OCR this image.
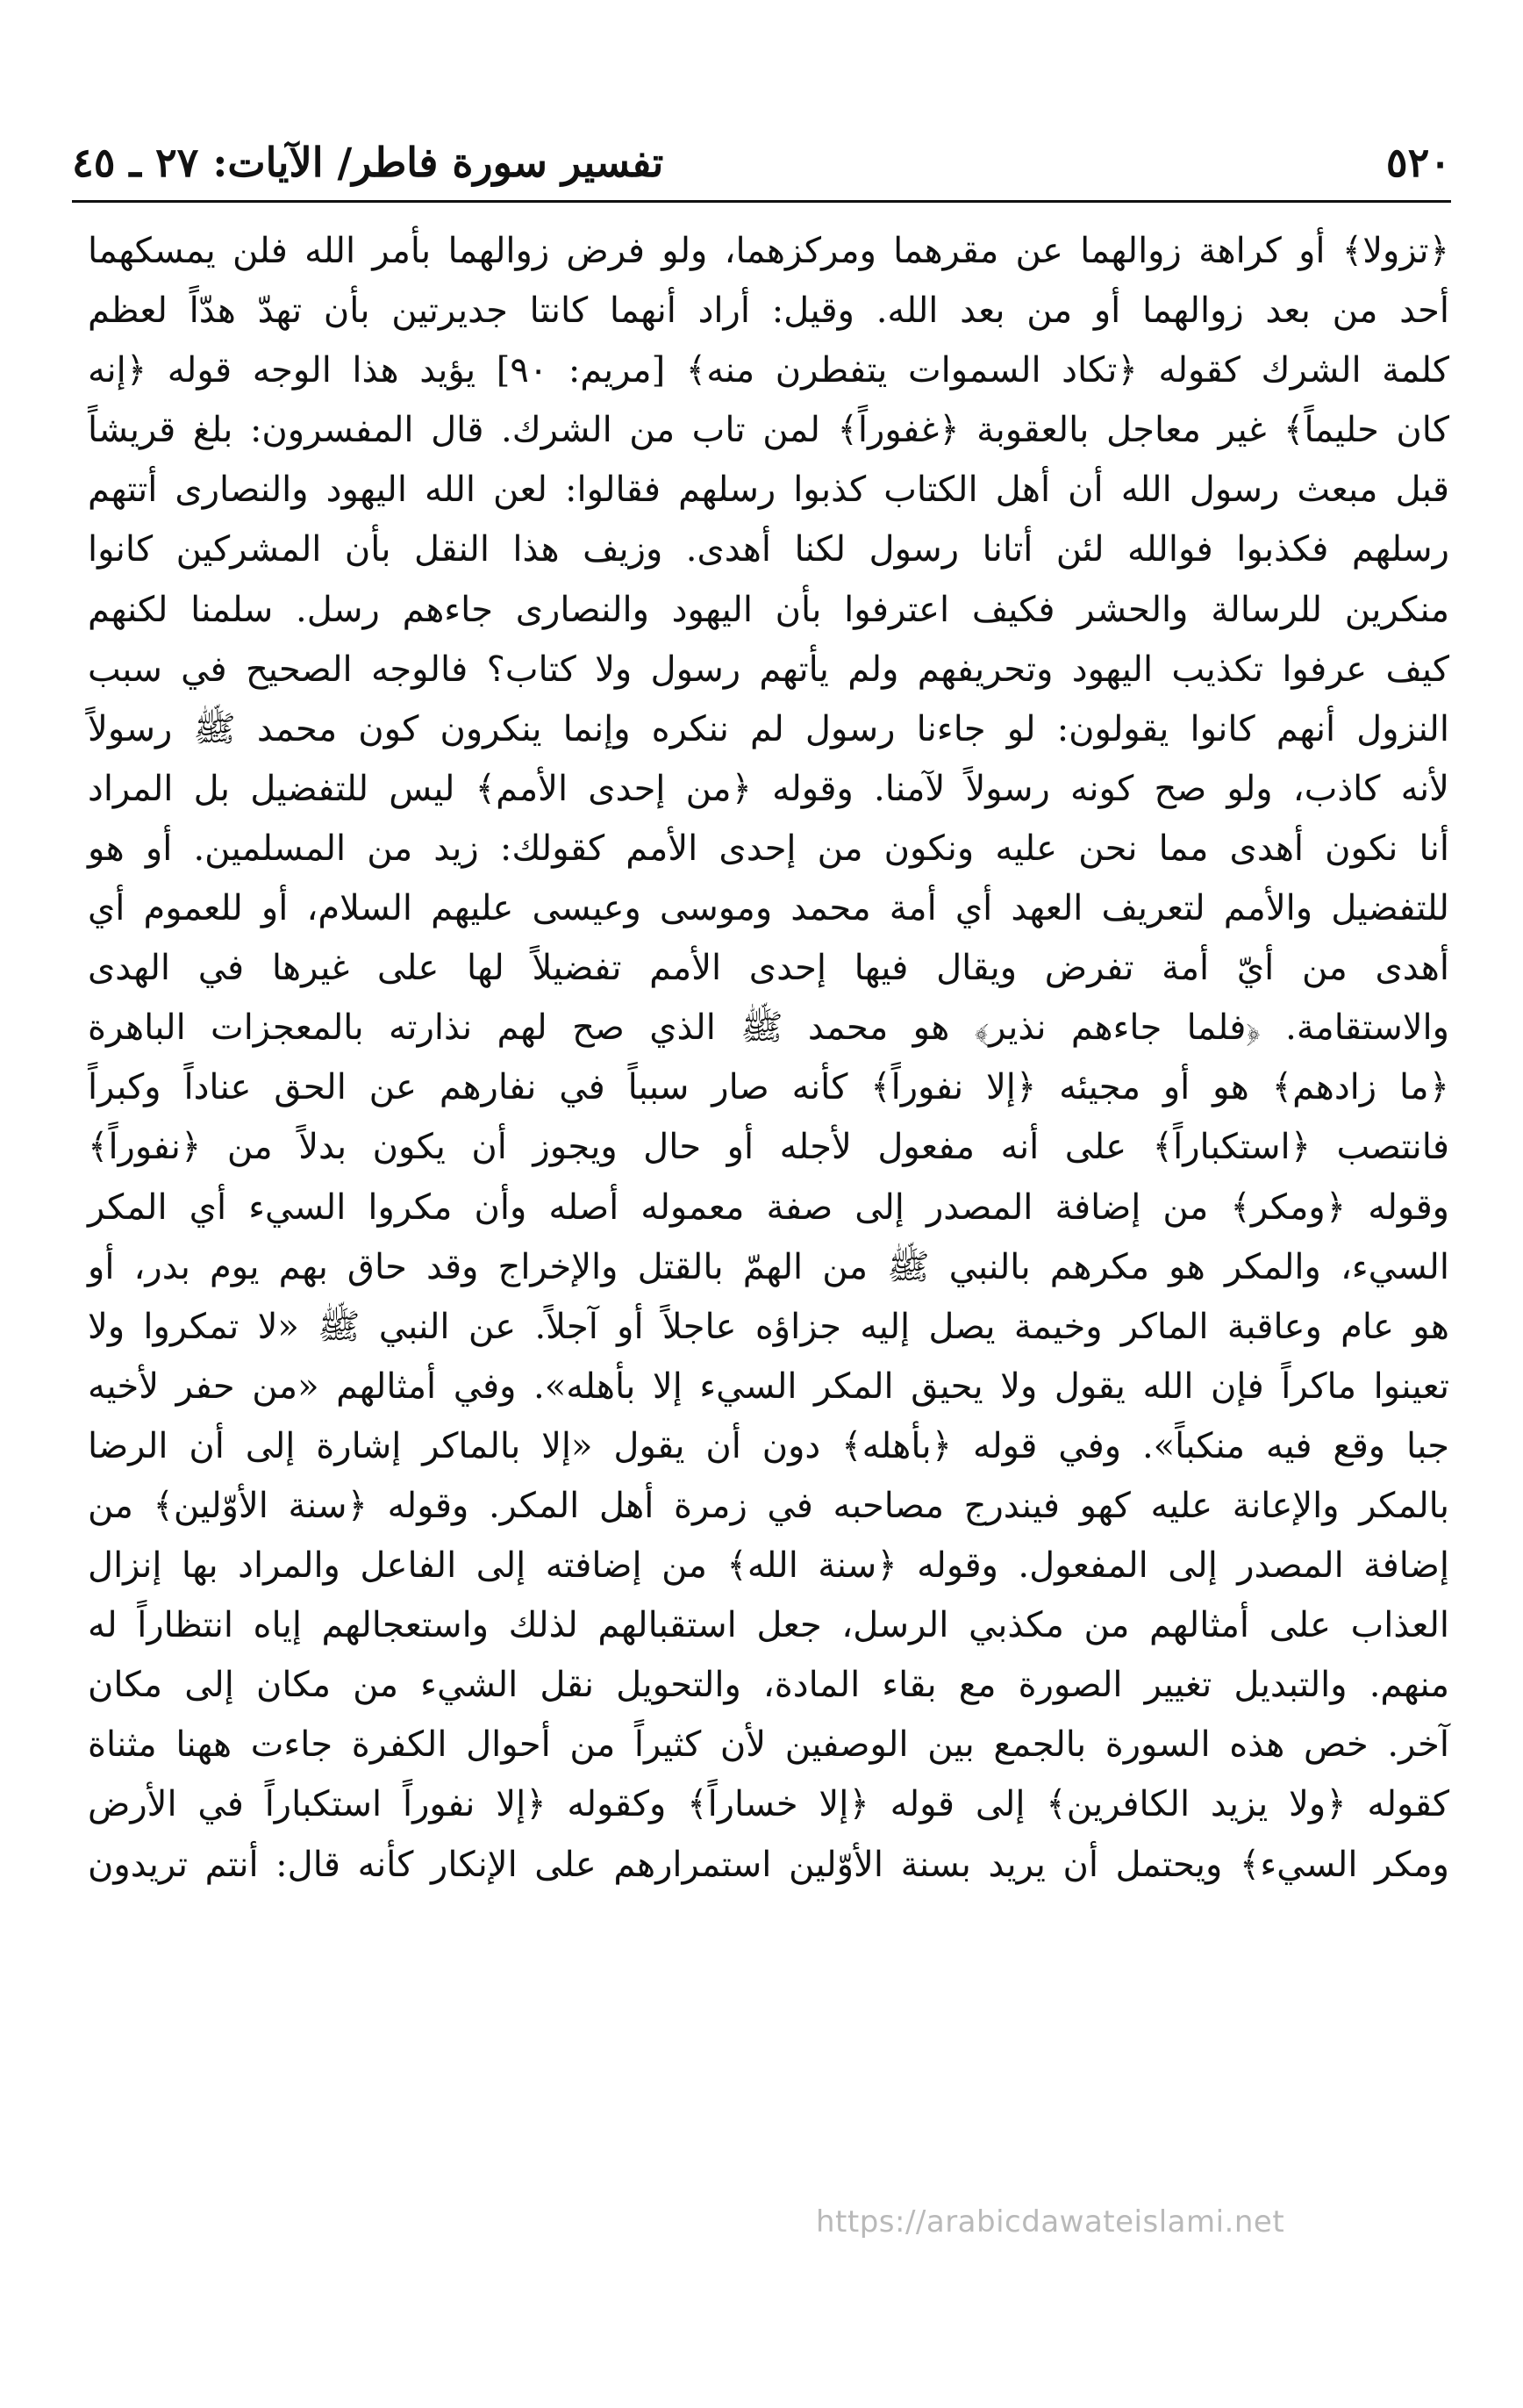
٥٢٠
تفسير سورة فاطر/ الآيات: ٢٧ ـ ٤٥
﴿تزولا﴾ أو كراهة زوالهما عن مقرهما ومركزهما، ولو فرض زوالهما بأمر الله فلن يمسكهما
أحد من بعد زوالهما أو من بعد الله. وقيل: أراد أنهما كانتا جديرتين بأن تهدّ هدّاً لعظم
كلمة الشرك كقوله ﴿تكاد السموات يتفطرن منه﴾ [مريم: ٩٠] يؤيد هذا الوجه قوله ﴿إنه
كان حليماً﴾ غير معاجل بالعقوبة ﴿غفوراً﴾ لمن تاب من الشرك. قال المفسرون: بلغ قريشاً
قبل مبعث رسول الله أن أهل الكتاب كذبوا رسلهم فقالوا: لعن الله اليهود والنصارى أتتهم
رسلهم فكذبوا فوالله لئن أتانا رسول لكنا أهدى. وزيف هذا النقل بأن المشركين كانوا
منكرين للرسالة والحشر فكيف اعترفوا بأن اليهود والنصارى جاءهم رسل. سلمنا لكنهم
كيف عرفوا تكذيب اليهود وتحريفهم ولم يأتهم رسول ولا كتاب؟ فالوجه الصحيح في سبب
النزول أنهم كانوا يقولون: لو جاءنا رسول لم ننكره وإنما ينكرون كون محمد ﷺ رسولاً
لأنه كاذب، ولو صح كونه رسولاً لآمنا. وقوله ﴿من إحدى الأمم﴾ ليس للتفضيل بل المراد
أنا نكون أهدى مما نحن عليه ونكون من إحدى الأمم كقولك: زيد من المسلمين. أو هو
للتفضيل والأمم لتعريف العهد أي أمة محمد وموسى وعيسى عليهم السلام، أو للعموم أي
أهدى من أيّ أمة تفرض ويقال فيها إحدى الأمم تفضيلاً لها على غيرها في الهدى
والاستقامة. ﴿فلما جاءهم نذير﴾ هو محمد ﷺ الذي صح لهم نذارته بالمعجزات الباهرة
﴿ما زادهم﴾ هو أو مجيئه ﴿إلا نفوراً﴾ كأنه صار سبباً في نفارهم عن الحق عناداً وكبراً
فانتصب ﴿استكباراً﴾ على أنه مفعول لأجله أو حال ويجوز أن يكون بدلاً من ﴿نفوراً﴾
وقوله ﴿ومكر﴾ من إضافة المصدر إلى صفة معموله أصله وأن مكروا السيء أي المكر
السيء، والمكر هو مكرهم بالنبي ﷺ من الهمّ بالقتل والإخراج وقد حاق بهم يوم بدر، أو
هو عام وعاقبة الماكر وخيمة يصل إليه جزاؤه عاجلاً أو آجلاً. عن النبي ﷺ «لا تمكروا ولا
تعينوا ماكراً فإن الله يقول ولا يحيق المكر السيء إلا بأهله». وفي أمثالهم «من حفر لأخيه
جبا وقع فيه منكباً». وفي قوله ﴿بأهله﴾ دون أن يقول «إلا بالماكر إشارة إلى أن الرضا
بالمكر والإعانة عليه كهو فيندرج مصاحبه في زمرة أهل المكر. وقوله ﴿سنة الأوّلين﴾ من
إضافة المصدر إلى المفعول. وقوله ﴿سنة الله﴾ من إضافته إلى الفاعل والمراد بها إنزال
العذاب على أمثالهم من مكذبي الرسل، جعل استقبالهم لذلك واستعجالهم إياه انتظاراً له
منهم. والتبديل تغيير الصورة مع بقاء المادة، والتحويل نقل الشيء من مكان إلى مكان
آخر. خص هذه السورة بالجمع بين الوصفين لأن كثيراً من أحوال الكفرة جاءت ههنا مثناة
كقوله ﴿ولا يزيد الكافرين﴾ إلى قوله ﴿إلا خساراً﴾ وكقوله ﴿إلا نفوراً استكباراً في الأرض
ومكر السيء﴾ ويحتمل أن يريد بسنة الأوّلين استمرارهم على الإنكار كأنه قال: أنتم تريدون
https://arabicdawateislami.net
